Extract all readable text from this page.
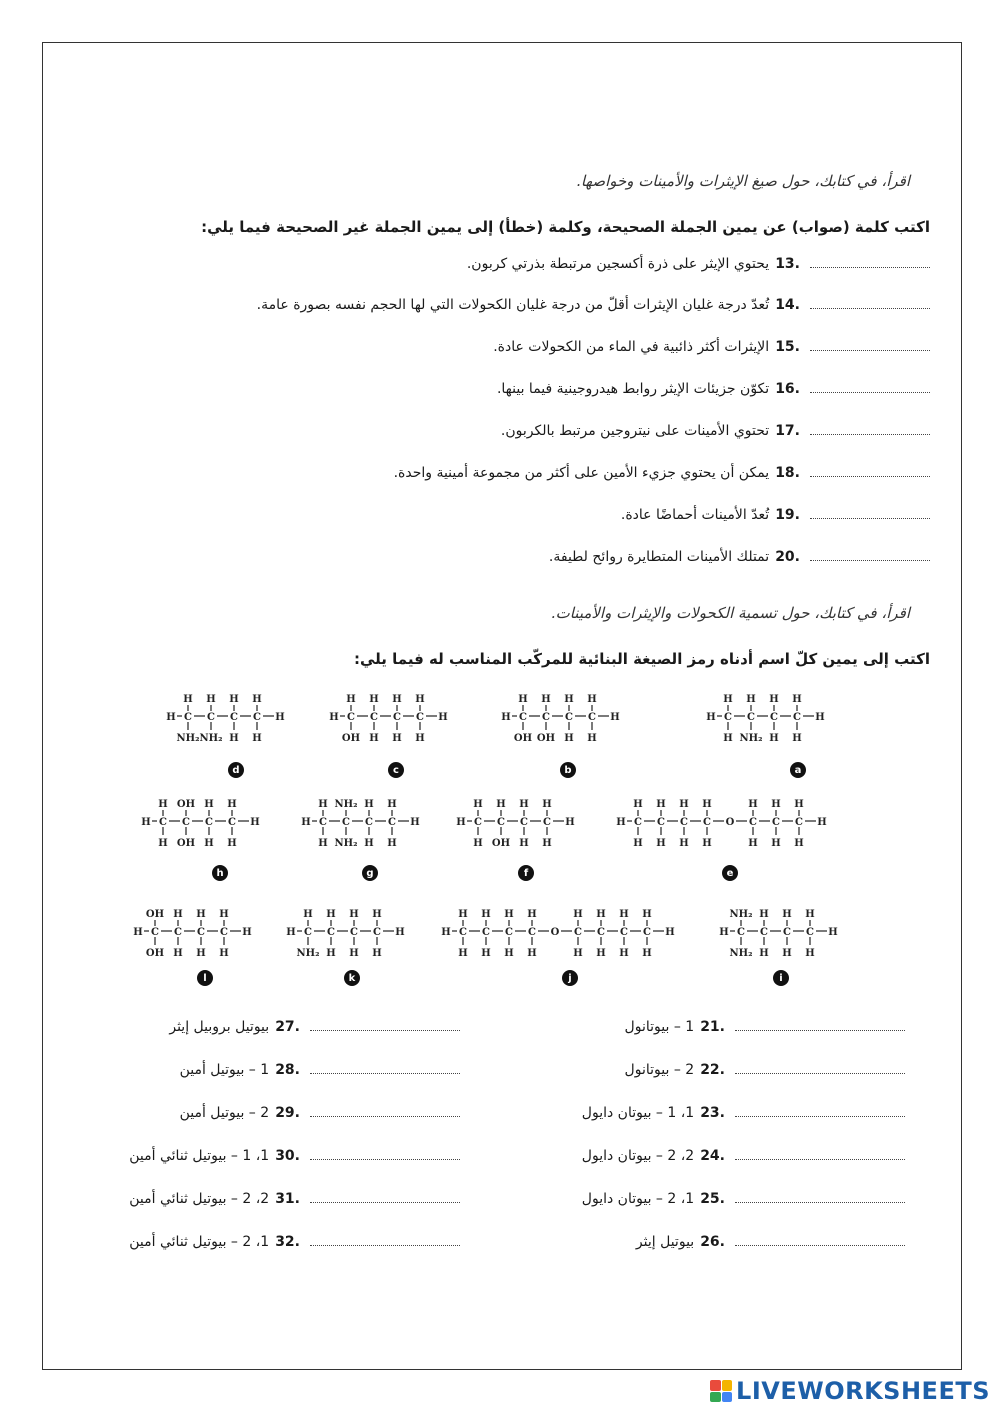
اقرأ، في كتابك، حول صيغ الإيثرات والأمينات وخواصها.
اكتب كلمة (صواب) عن يمين الجملة الصحيحة، وكلمة (خطأ) إلى يمين الجملة غير الصحيحة فيما يلي:
13.
يحتوي الإيثر على ذرة أكسجين مرتبطة بذرتي كربون.
14.
تُعدّ درجة غليان الإيثرات أقلّ من درجة غليان الكحولات التي لها الحجم نفسه بصورة عامة.
15.
الإيثرات أكثر ذائبية في الماء من الكحولات عادة.
16.
تكوّن جزيئات الإيثر روابط هيدروجينية فيما بينها.
17.
تحتوي الأمينات على نيتروجين مرتبط بالكربون.
18.
يمكن أن يحتوي جزيء الأمين على أكثر من مجموعة أمينية واحدة.
19.
تُعدّ الأمينات أحماضًا عادة.
20.
تمتلك الأمينات المتطايرة روائح لطيفة.
اقرأ، في كتابك، حول تسمية الكحولات والإيثرات والأمينات.
اكتب إلى يمين كلّ اسم أدناه رمز الصيغة البنائية للمركّب المناسب له فيما يلي:
H C
H
H
C
H
NH₂
C
H
H
C
H
H
H
a
H C
H
OH
C
H
OH
C
H
H
C
H
H
H
b
H C
H
OH
C
H
H
C
H
H
C
H
H
H
c
H C
H
NH₂
C
H
NH₂
C
H
H
C
H
H
H
d
H C
H
H
C
H
H
C
H
H
C
H
H
O C
H
H
C
H
H
C
H
H
H
e
H C
H
H
C
H
OH
C
H
H
C
H
H
H
f
H C
H
H
C
NH₂
NH₂
C
H
H
C
H
H
H
g
H C
H
H
C
OH
OH
C
H
H
C
H
H
H
h
H C
NH₂
NH₂
C
H
H
C
H
H
C
H
H
H
i
H C
H
H
C
H
H
C
H
H
C
H
H
O C
H
H
C
H
H
C
H
H
C
H
H
H
j
H C
H
NH₂
C
H
H
C
H
H
C
H
H
H
k
H C
OH
OH
C
H
H
C
H
H
C
H
H
H
l
21.
1 – بيوتانول
22.
2 – بيوتانول
23.
1، 1 – بيوتان دايول
24.
2، 2 – بيوتان دايول
25.
1، 2 – بيوتان دايول
26.
بيوتيل إيثر
27.
بيوتيل بروبيل إيثر
28.
1 – بيوتيل أمين
29.
2 – بيوتيل أمين
30.
1، 1 – بيوتيل ثنائي أمين
31.
2، 2 – بيوتيل ثنائي أمين
32.
1، 2 – بيوتيل ثنائي أمين
LIVEWORKSHEETS
